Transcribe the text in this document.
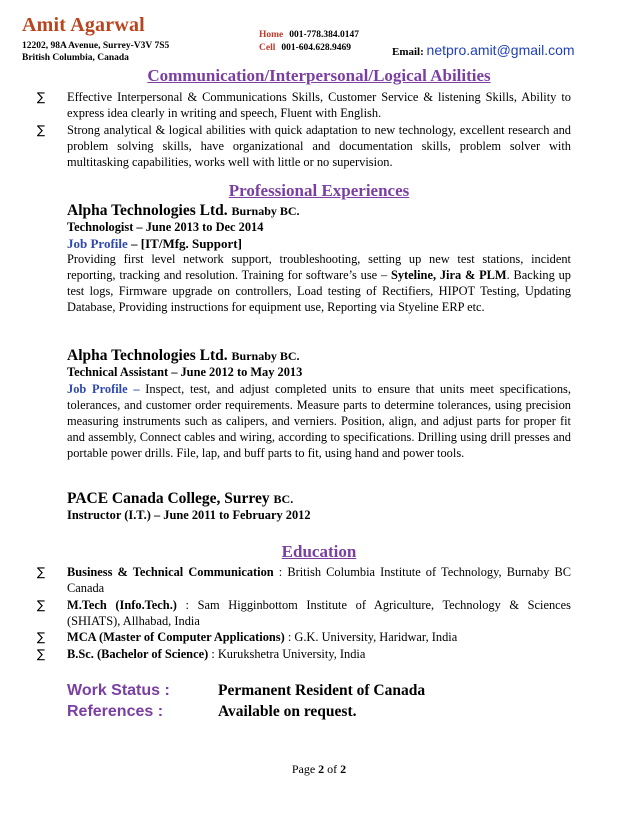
Amit Agarwal
12202, 98A Avenue, Surrey-V3V 7S5
British Columbia, Canada
Home 001-778.384.0147
Cell 001-604.628.9469	Email: netpro.amit@gmail.com
Communication/Interpersonal/Logical Abilities
∑ Effective Interpersonal & Communications Skills, Customer Service & listening Skills, Ability to express idea clearly in writing and speech, Fluent with English.
∑ Strong analytical & logical abilities with quick adaptation to new technology, excellent research and problem solving skills, have organizational and documentation skills, problem solver with multitasking capabilities, works well with little or no supervision.
Professional Experiences
Alpha Technologies Ltd. Burnaby BC.
Technologist – June 2013 to Dec 2014
Job Profile – [IT/Mfg. Support]
Providing first level network support, troubleshooting, setting up new test stations, incident reporting, tracking and resolution. Training for software’s use – Syteline, Jira & PLM. Backing up test logs, Firmware upgrade on controllers, Load testing of Rectifiers, HIPOT Testing, Updating Database, Providing instructions for equipment use, Reporting via Styeline ERP etc.
Alpha Technologies Ltd. Burnaby BC.
Technical Assistant – June 2012 to May 2013
Job Profile – Inspect, test, and adjust completed units to ensure that units meet specifications, tolerances, and customer order requirements. Measure parts to determine tolerances, using precision measuring instruments such as calipers, and verniers. Position, align, and adjust parts for proper fit and assembly, Connect cables and wiring, according to specifications. Drilling using drill presses and portable power drills. File, lap, and buff parts to fit, using hand and power tools.
PACE Canada College, Surrey BC.
Instructor (I.T.) – June 2011 to February 2012
Education
∑ Business & Technical Communication : British Columbia Institute of Technology, Burnaby BC Canada
∑ M.Tech (Info.Tech.) : Sam Higginbottom Institute of Agriculture, Technology & Sciences (SHIATS), Allhabad, India
∑ MCA (Master of Computer Applications) : G.K. University, Haridwar, India
∑ B.Sc. (Bachelor of Science) : Kurukshetra University, India
Work Status :	Permanent Resident of Canada
References :	Available on request.
Page 2 of 2
